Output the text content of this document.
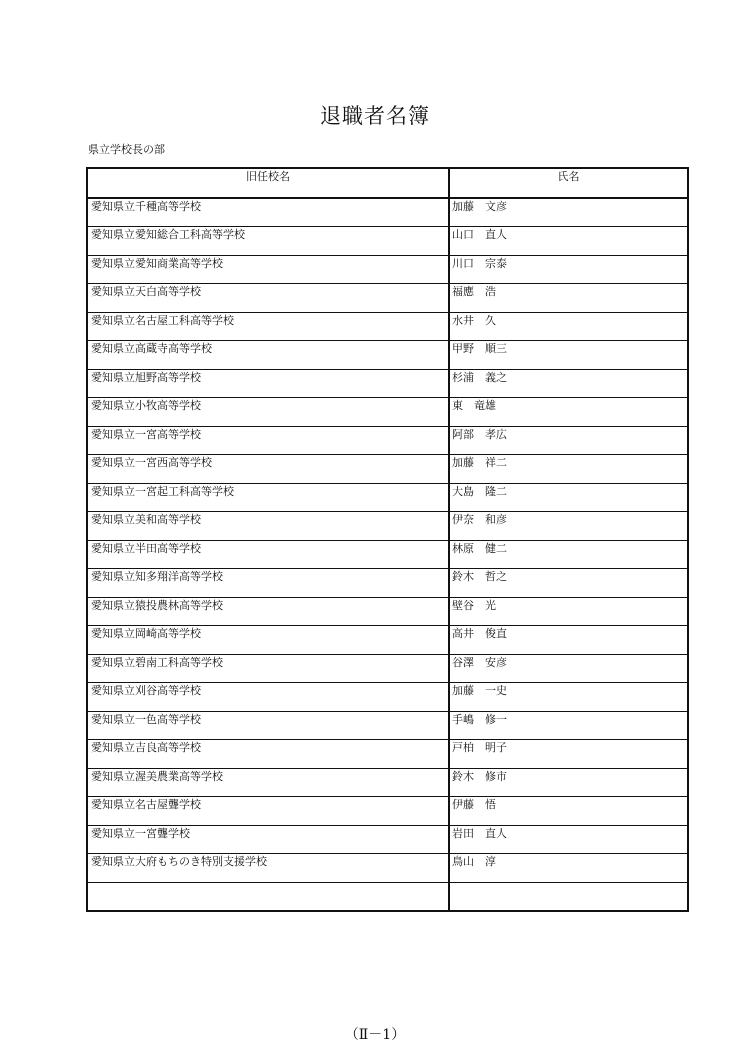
退職者名簿
県立学校長の部
旧任校名	氏名
愛知県立千種高等学校	加藤　文彦
愛知県立愛知総合工科高等学校	山口　直人
愛知県立愛知商業高等学校	川口　宗泰
愛知県立天白高等学校	福應　浩
愛知県立名古屋工科高等学校	水井　久
愛知県立高蔵寺高等学校	甲野　順三
愛知県立旭野高等学校	杉浦　義之
愛知県立小牧高等学校	東　竜雄
愛知県立一宮高等学校	阿部　孝広
愛知県立一宮西高等学校	加藤　祥二
愛知県立一宮起工科高等学校	大島　隆二
愛知県立美和高等学校	伊奈　和彦
愛知県立半田高等学校	林原　健二
愛知県立知多翔洋高等学校	鈴木　哲之
愛知県立猿投農林高等学校	壁谷　光
愛知県立岡崎高等学校	高井　俊直
愛知県立碧南工科高等学校	谷澤　安彦
愛知県立刈谷高等学校	加藤　一史
愛知県立一色高等学校	手嶋　修一
愛知県立吉良高等学校	戸柏　明子
愛知県立渥美農業高等学校	鈴木　修市
愛知県立名古屋聾学校	伊藤　悟
愛知県立一宮聾学校	岩田　直人
愛知県立大府もちのき特別支援学校	鳥山　淳

（Ⅱ－1）
